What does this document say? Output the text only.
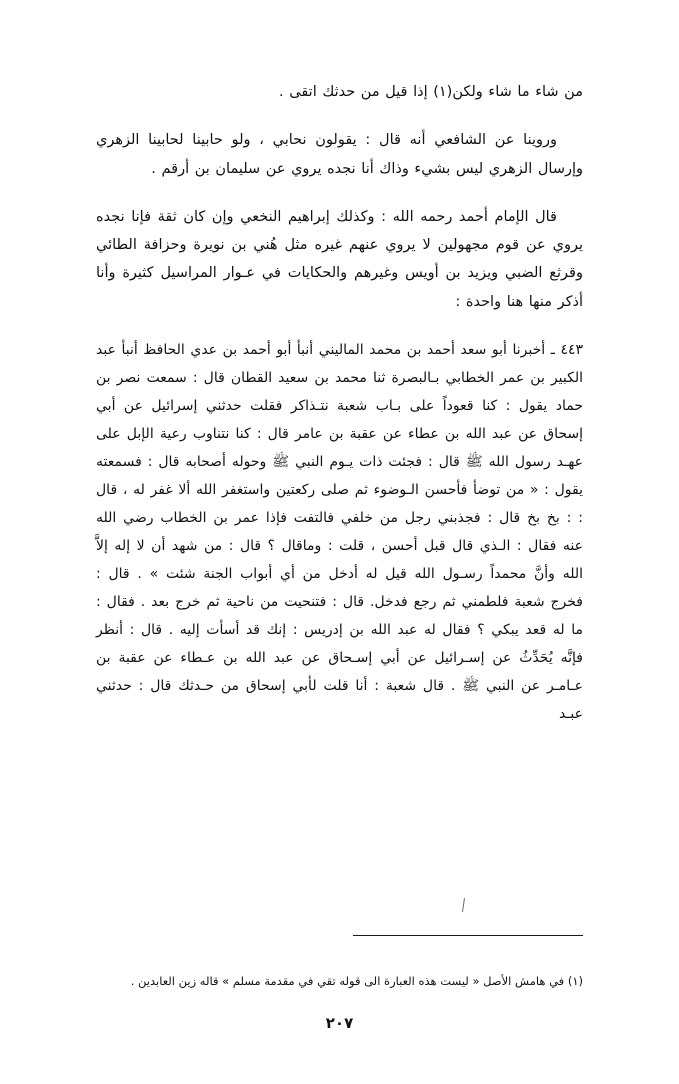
من شاء ما شاء ولكن(١) إذا قيل من حدثك اتقى .

وروينا عن الشافعي أنه قال : يقولون نحابي ، ولو حابينا لحابينا الزهري وإرسال الزهري ليس بشيء وذاك أنا نجده يروي عن سليمان بن أرقم .

قال الإمام أحمد رحمه الله : وكذلك إبراهيم النخعي وإن كان ثقة فإنا نجده يروي عن قوم مجهولين لا يروي عنهم غيره مثل هُني بن نويرة وحزافة الطائي وقرثع الضبي ويزيد بن أويس وغيرهم والحكايات في عـوار المراسيل كثيرة وأنا أذكر منها هنا واحدة :

٤٤٣ ـ أخبرنا أبو سعد أحمد بن محمد الماليني أنبأ أبو أحمد بن عدي الحافظ أنبأ عبد الكبير بن عمر الخطابي بـالبصرة ثنا محمد بن سعيد القطان قال : سمعت نصر بن حماد يقول : كنا قعوداً على بـاب شعبة نتـذاكر فقلت حدثني إسرائيل عن أبي إسحاق عن عبد الله بن عطاء عن عقبة بن عامر قال : كنا نتناوب رعية الإبل على عهـد رسول الله ﷺ قال : فجئت ذات يـوم النبي ﷺ وحوله أصحابه قال : فسمعته يقول : « من توضأ فأحسن الـوضوء ثم صلى ركعتين واستغفر الله ألا غفر له ، قال : : بخ بخ قال : فجذبني رجل من خلفي فالتفت فإذا عمر بن الخطاب رضي الله عنه فقال : الـذي قال قبل أحسن ، قلت : وماقال ؟ قال : من شهد أن لا إله إلاَّ الله وأنَّ محمداً رسـول الله قيل له أدخل من أي أبواب الجنة شئت » . قال : فخرج شعبة فلطمني ثم رجع فدخل. قال : فتنحيت من ناحية ثم خرج بعد . فقال : ما له قعد يبكي ؟ فقال له عبد الله بن إدريس : إنك قد أسأت إليه . قال : أنظر فإنَّه يُحَدِّثُ عن إسـرائيل عن أبي إسـحاق عن عبد الله بن عـطاء عن عقبة بن عـامـر عن النبي ﷺ . قال شعبة : أنا قلت لأبي إسحاق من حـدثك قال : حدثني عبـد

(١) في هامش الأصل « ليست هذه العبارة الى قوله تقي في مقدمة مسلم » قاله زين العابدين .
٢٠٧
